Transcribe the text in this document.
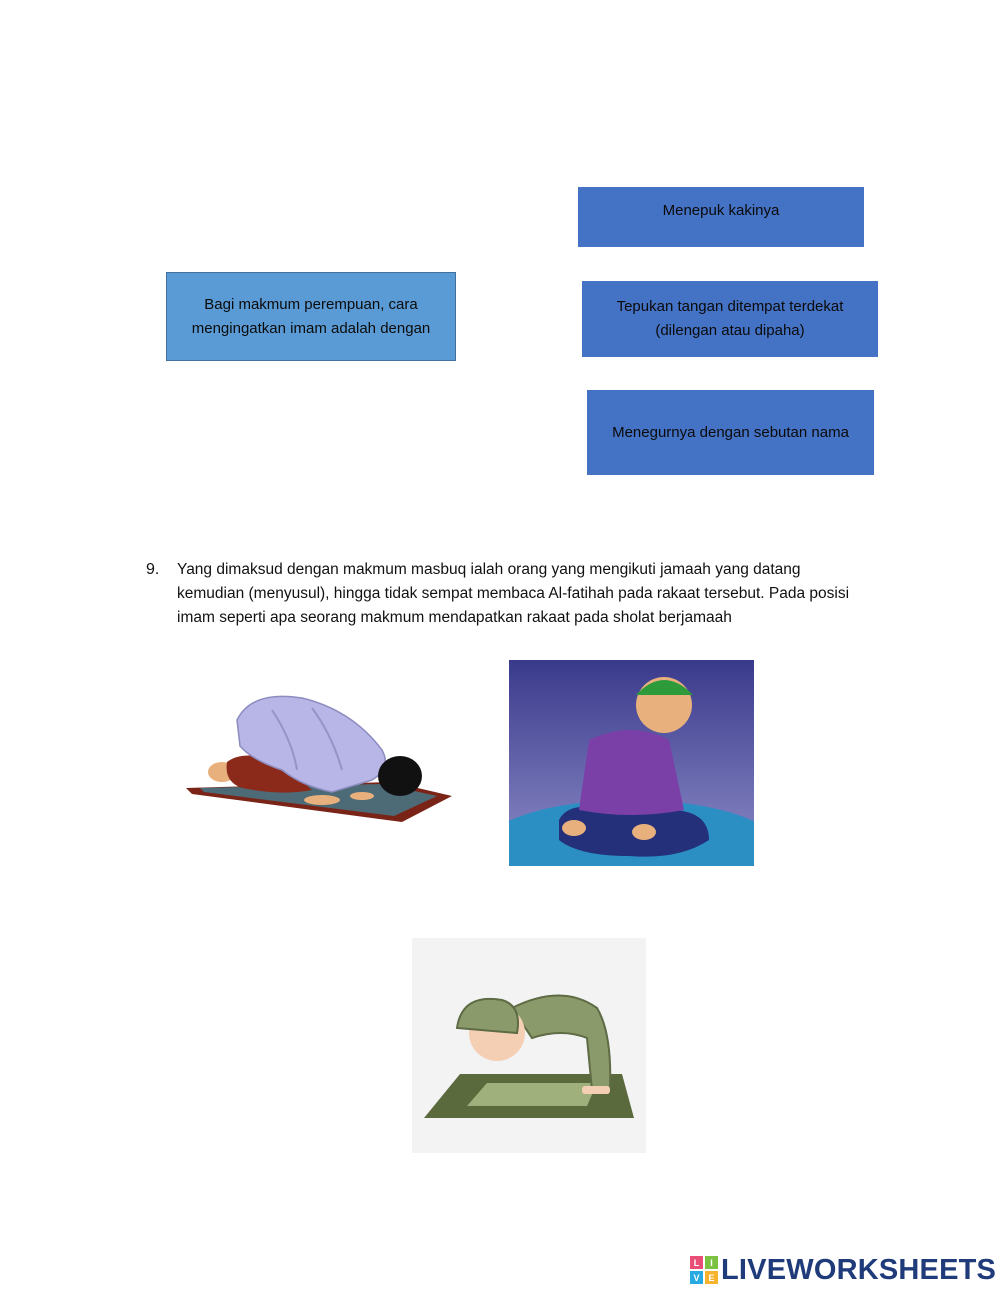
Bagi makmum perempuan, cara mengingatkan imam adalah dengan
Menepuk kakinya
Tepukan tangan ditempat terdekat (dilengan atau dipaha)
Menegurnya dengan sebutan nama
9. Yang dimaksud dengan makmum masbuq ialah orang yang mengikuti jamaah yang datang kemudian (menyusul), hingga tidak sempat membaca Al-fatihah pada rakaat tersebut. Pada posisi imam seperti apa seorang makmum mendapatkan rakaat pada sholat berjamaah
L I
V E LIVEWORKSHEETS
